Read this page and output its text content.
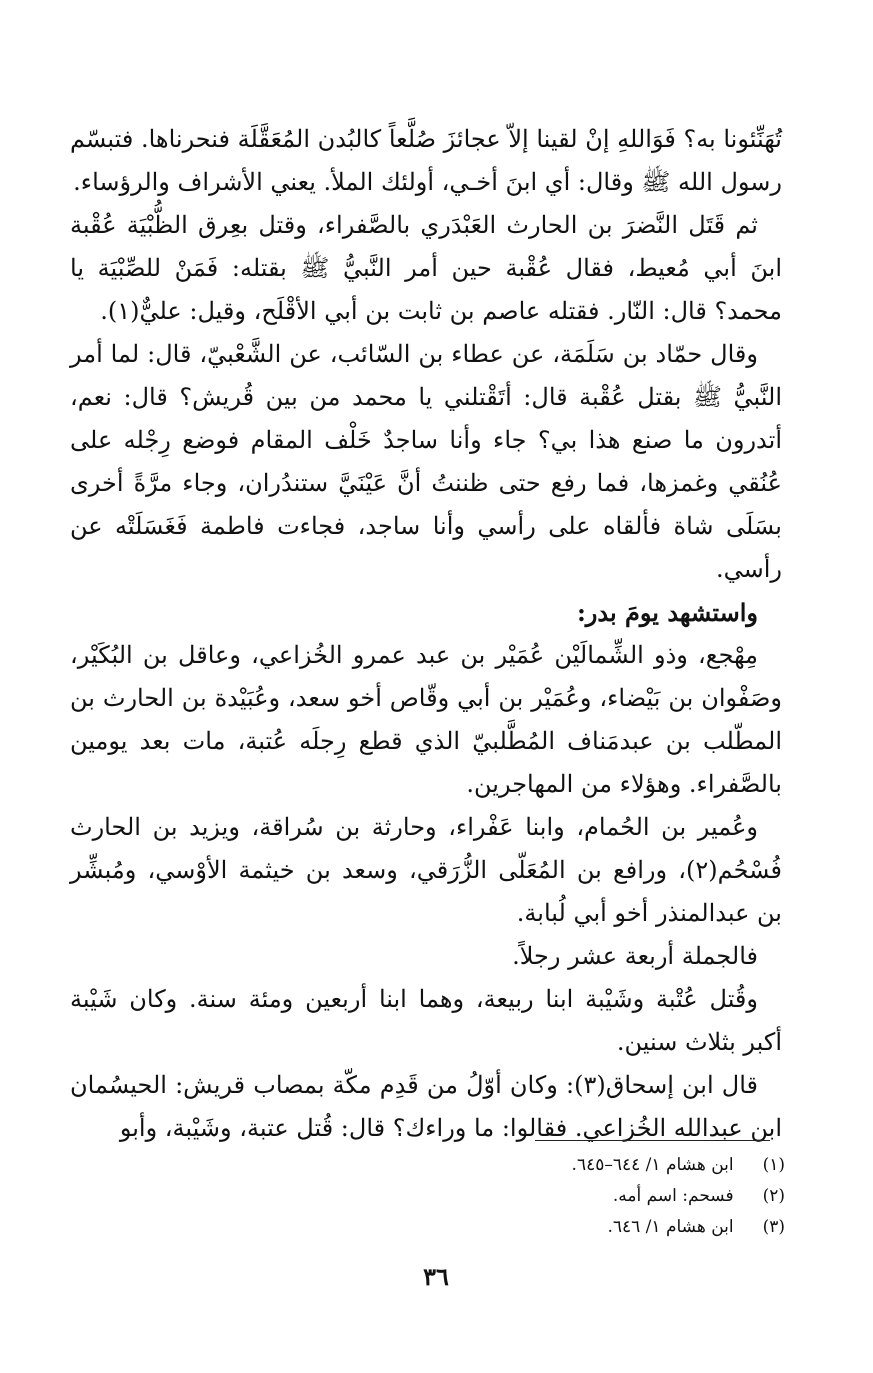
تُهَنِّئونا به؟ فَوَاللهِ إنْ لقينا إلاّ عجائزَ صُلَّعاً كالبُدن المُعَقَّلَة فنحرناها. فتبسّم رسول الله ﷺ وقال: أي ابنَ أخـي، أولئك الملأ. يعني الأشراف والرؤساء.

ثم قَتَل النَّضرَ بن الحارث العَبْدَري بالصَّفراء، وقتل بعِرق الظُّبْيَة عُقْبة ابنَ أبي مُعيط، فقال عُقْبة حين أمر النَّبيُّ ﷺ بقتله: فَمَنْ للصِّبْيَة يا محمد؟ قال: النّار. فقتله عاصم بن ثابت بن أبي الأقْلَح، وقيل: عليٌّ(١).

وقال حمّاد بن سَلَمَة، عن عطاء بن السّائب، عن الشَّعْبيّ، قال: لما أمر النَّبيُّ ﷺ بقتل عُقْبة قال: أتَقْتلني يا محمد من بين قُريش؟ قال: نعم، أتدرون ما صنع هذا بي؟ جاء وأنا ساجدٌ خَلْف المقام فوضع رِجْله على عُنُقي وغمزها، فما رفع حتى ظننتُ أنَّ عَيْنَيَّ ستندُران، وجاء مرَّةً أخرى بسَلَى شاة فألقاه على رأسي وأنا ساجد، فجاءت فاطمة فَغَسَلَتْه عن رأسي.

واستشهد يومَ بدر:

مِهْجع، وذو الشِّمالَيْن عُمَيْر بن عبد عمرو الخُزاعي، وعاقل بن البُكَيْر، وصَفْوان بن بَيْضاء، وعُمَيْر بن أبي وقّاص أخو سعد، وعُبَيْدة بن الحارث بن المطّلب بن عبدمَناف المُطَّلبيّ الذي قطع رِجلَه عُتبة، مات بعد يومين بالصَّفراء. وهؤلاء من المهاجرين.

وعُمير بن الحُمام، وابنا عَفْراء، وحارثة بن سُراقة، ويزيد بن الحارث فُسْحُم(٢)، ورافع بن المُعَلّى الزُّرَقي، وسعد بن خيثمة الأوْسي، ومُبشِّر بن عبدالمنذر أخو أبي لُبابة.

فالجملة أربعة عشر رجلاً.

وقُتل عُتْبة وشَيْبة ابنا ربيعة، وهما ابنا أربعين ومئة سنة. وكان شَيْبة أكبر بثلاث سنين.

قال ابن إسحاق(٣): وكان أوّلُ من قَدِم مكّة بمصاب قريش: الحيسُمان ابن عبدالله الخُزاعي. فقالوا: ما وراءك؟ قال: قُتل عتبة، وشَيْبة، وأبو

(١) ابن هشام ١/ ٦٤٤–٦٤٥.

(٢) فسحم: اسم أمه.

(٣) ابن هشام ١/ ٦٤٦.

٣٦
